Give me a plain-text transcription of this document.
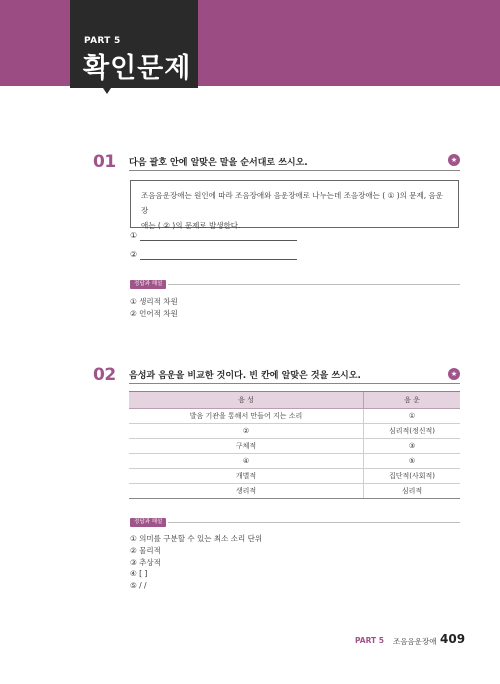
PART 5
확인문제
01 다음 괄호 안에 알맞은 말을 순서대로 쓰시오.	★
조음음운장애는 원인에 따라 조음장애와 음운장애로 나누는데 조음장애는 ( ① )의 문제, 음운장
애는 ( ② )의 문제로 발생한다.
①
②
정답과 해설
① 생리적 차원
② 언어적 차원
02 음성과 음운을 비교한 것이다. 빈 칸에 알맞은 것을 쓰시오.	★
음 성	음 운
발음 기관을 통해서 만들어 지는 소리	①
②	심리적(정신적)
구체적	③
④	⑤
개별적	집단적(사회적)
생리적	심리적
정답과 해설
① 의미를 구분할 수 있는 최소 소리 단위
② 물리적
③ 추상적
④ [ ]
⑤ / /
PART 5 조음음운장애 409
